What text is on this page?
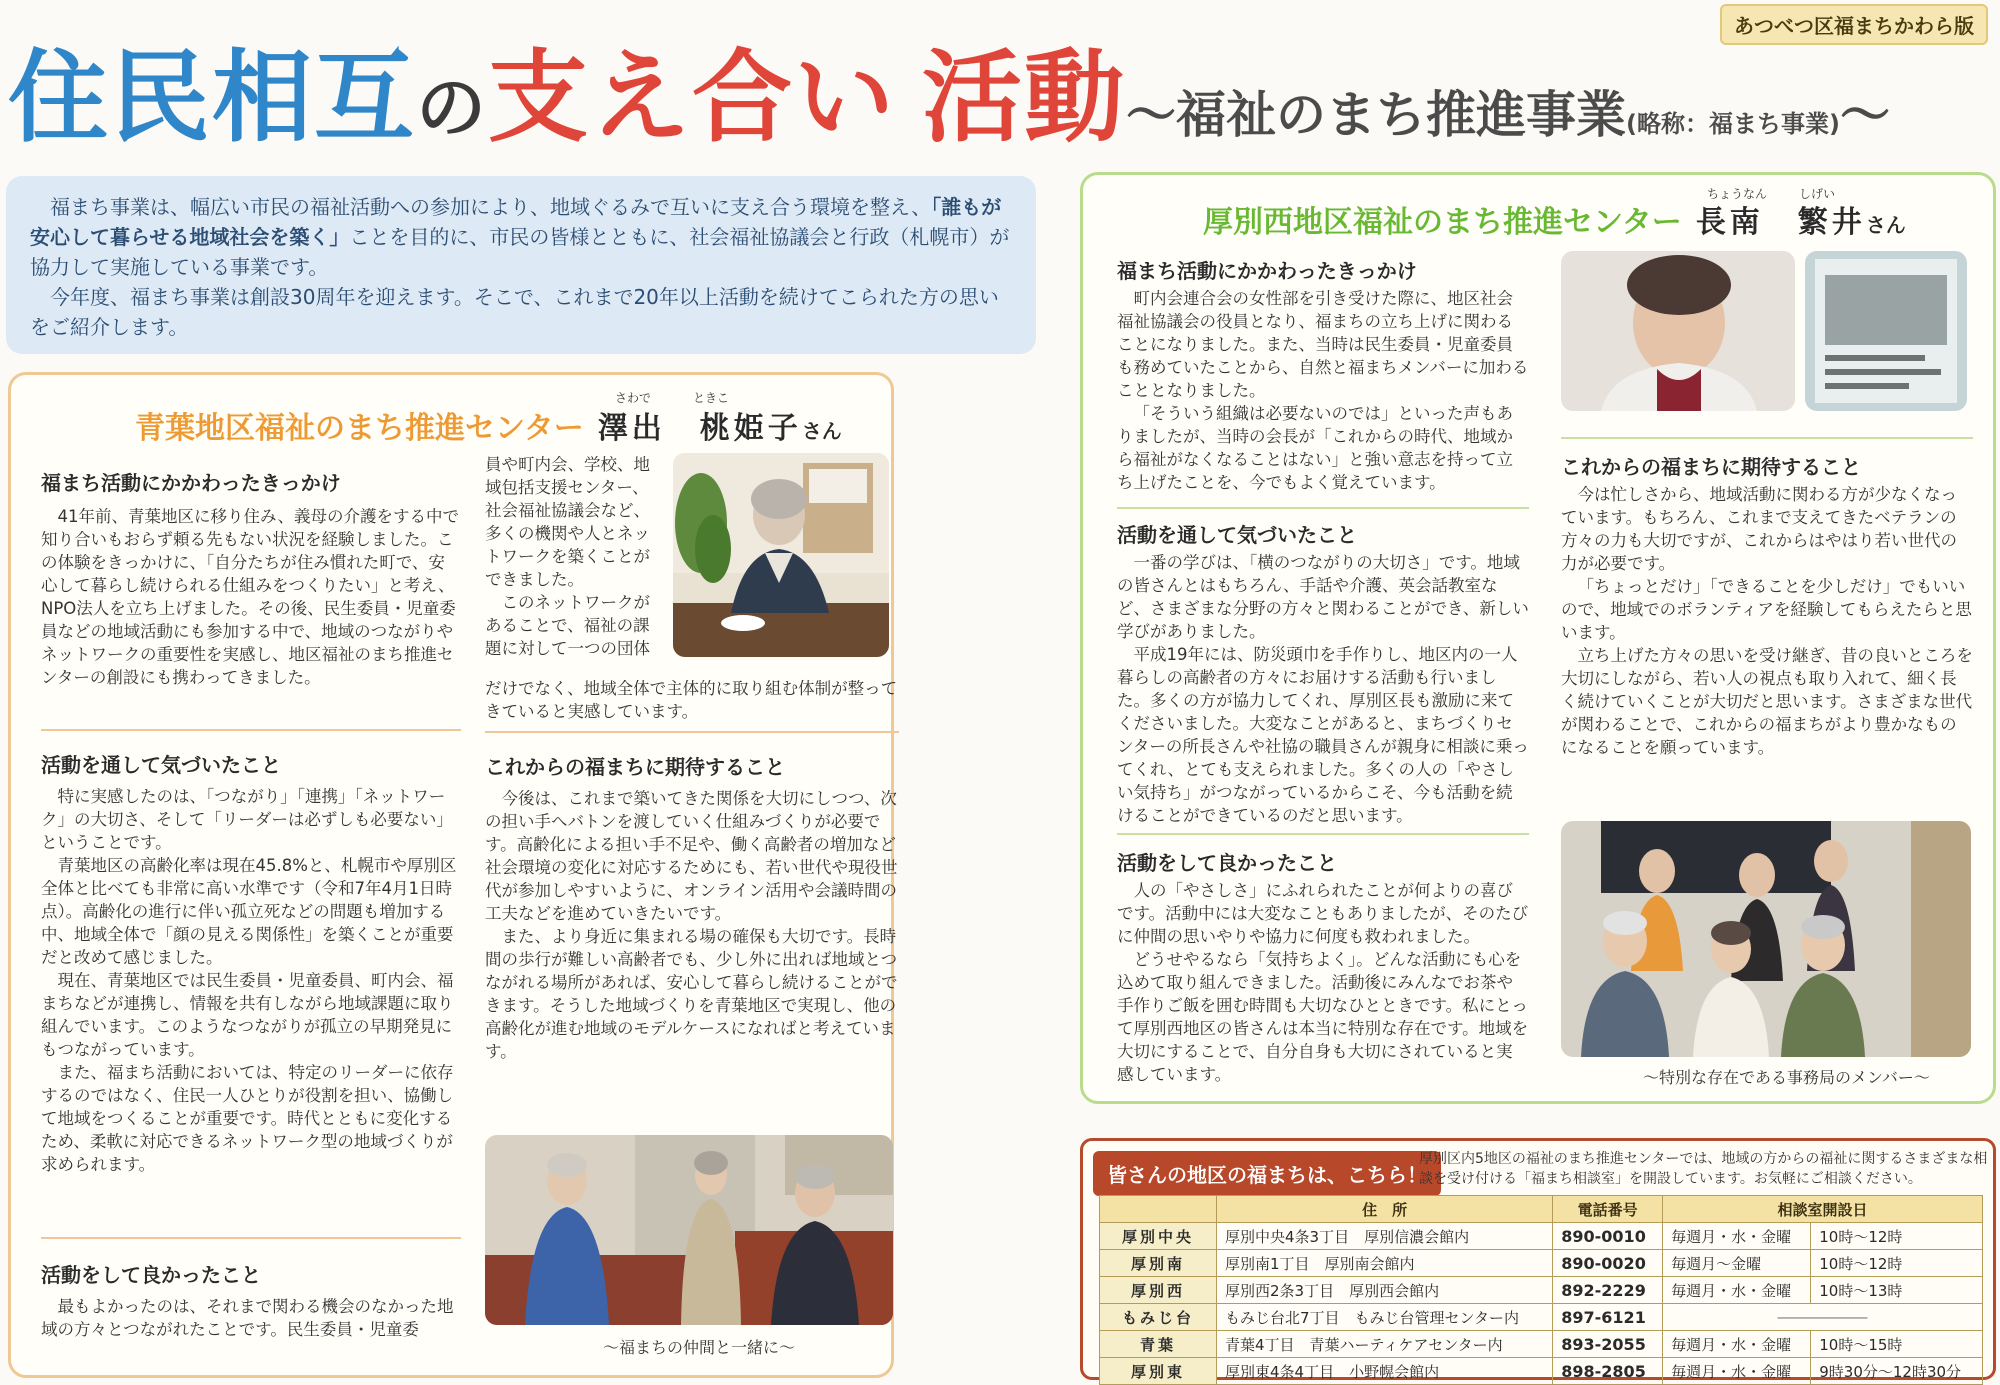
あつべつ区福まちかわら版
住民相互の支え合い 活動〜福祉のまち推進事業(略称：福まち事業)〜

福まち事業は、幅広い市民の福祉活動への参加により、地域ぐるみで互いに支え合う環境を整え、「誰もが安心して暮らせる地域社会を築く」ことを目的に、市民の皆様とともに、社会福祉協議会と行政（札幌市）が協力して実施している事業です。

今年度、福まち事業は創設30周年を迎えます。そこで、これまで20年以上活動を続けてこられた方の思いをご紹介します。

さわで	ときこ
青葉地区福祉のまち推進センター 澤出　桃姫子さん
福まち活動にかかわったきっかけ

41年前、青葉地区に移り住み、義母の介護をする中で知り合いもおらず頼る先もない状況を経験しました。この体験をきっかけに、「自分たちが住み慣れた町で、安心して暮らし続けられる仕組みをつくりたい」と考え、NPO法人を立ち上げました。その後、民生委員・児童委員などの地域活動にも参加する中で、地域のつながりやネットワークの重要性を実感し、地区福祉のまち推進センターの創設にも携わってきました。

活動を通して気づいたこと

特に実感したのは、「つながり」「連携」「ネットワーク」の大切さ、そして「リーダーは必ずしも必要ない」ということです。

青葉地区の高齢化率は現在45.8%と、札幌市や厚別区全体と比べても非常に高い水準です（令和7年4月1日時点）。高齢化の進行に伴い孤立死などの問題も増加する中、地域全体で「顔の見える関係性」を築くことが重要だと改めて感じました。

現在、青葉地区では民生委員・児童委員、町内会、福まちなどが連携し、情報を共有しながら地域課題に取り組んでいます。このようなつながりが孤立の早期発見にもつながっています。

また、福まち活動においては、特定のリーダーに依存するのではなく、住民一人ひとりが役割を担い、協働して地域をつくることが重要です。時代とともに変化するため、柔軟に対応できるネットワーク型の地域づくりが求められます。

活動をして良かったこと

最もよかったのは、それまで関わる機会のなかった地域の方々とつながれたことです。民生委員・児童委

員や町内会、学校、地域包括支援センター、社会福祉協議会など、多くの機関や人とネットワークを築くことができました。

このネットワークがあることで、福祉の課題に対して一つの団体

だけでなく、地域全体で主体的に取り組む体制が整ってきていると実感しています。
これからの福まちに期待すること

今後は、これまで築いてきた関係を大切にしつつ、次の担い手へバトンを渡していく仕組みづくりが必要です。高齢化による担い手不足や、働く高齢者の増加など社会環境の変化に対応するためにも、若い世代や現役世代が参加しやすいように、オンライン活用や会議時間の工夫などを進めていきたいです。

また、より身近に集まれる場の確保も大切です。長時間の歩行が難しい高齢者でも、少し外に出れば地域とつながれる場所があれば、安心して暮らし続けることができます。そうした地域づくりを青葉地区で実現し、他の高齢化が進む地域のモデルケースになればと考えています。

〜福まちの仲間と一緒に〜
ちょうなん	しげい
厚別西地区福祉のまち推進センター 長南　繁井さん
福まち活動にかかわったきっかけ

町内会連合会の女性部を引き受けた際に、地区社会福祉協議会の役員となり、福まちの立ち上げに関わることになりました。また、当時は民生委員・児童委員も務めていたことから、自然と福まちメンバーに加わることとなりました。

「そういう組織は必要ないのでは」といった声もありましたが、当時の会長が「これからの時代、地域から福祉がなくなることはない」と強い意志を持って立ち上げたことを、今でもよく覚えています。

活動を通して気づいたこと

一番の学びは、「横のつながりの大切さ」です。地域の皆さんとはもちろん、手話や介護、英会話教室など、さまざまな分野の方々と関わることができ、新しい学びがありました。

平成19年には、防災頭巾を手作りし、地区内の一人暮らしの高齢者の方々にお届けする活動も行いました。多くの方が協力してくれ、厚別区長も激励に来てくださいました。大変なことがあると、まちづくりセンターの所長さんや社協の職員さんが親身に相談に乗ってくれ、とても支えられました。多くの人の「やさしい気持ち」がつながっているからこそ、今も活動を続けることができているのだと思います。

活動をして良かったこと

人の「やさしさ」にふれられたことが何よりの喜びです。活動中には大変なこともありましたが、そのたびに仲間の思いやりや協力に何度も救われました。

どうせやるなら「気持ちよく」。どんな活動にも心を込めて取り組んできました。活動後にみんなでお茶や手作りご飯を囲む時間も大切なひとときです。私にとって厚別西地区の皆さんは本当に特別な存在です。地域を大切にすることで、自分自身も大切にされていると実感しています。

これからの福まちに期待すること

今は忙しさから、地域活動に関わる方が少なくなっています。もちろん、これまで支えてきたベテランの方々の力も大切ですが、これからはやはり若い世代の力が必要です。

「ちょっとだけ」「できることを少しだけ」でもいいので、地域でのボランティアを経験してもらえたらと思います。

立ち上げた方々の思いを受け継ぎ、昔の良いところを大切にしながら、若い人の視点も取り入れて、細く長く続けていくことが大切だと思います。さまざまな世代が関わることで、これからの福まちがより豊かなものになることを願っています。

〜特別な存在である事務局のメンバー〜
皆さんの地区の福まちは、こちら！
厚別区内5地区の福祉のまち推進センターでは、地域の方からの福祉に関するさまざまな相談を受け付ける「福まち相談室」を開設しています。お気軽にご相談ください。
	住　所	電話番号	相談室開設日	
厚別中央	厚別中央4条3丁目　厚別信濃会館内	890-0010	毎週月・水・金曜	10時〜12時
厚別南	厚別南1丁目　厚別南会館内	890-0020	毎週月〜金曜	10時〜12時
厚別西	厚別西2条3丁目　厚別西会館内	892-2229	毎週月・水・金曜	10時〜13時
もみじ台	もみじ台北7丁目　もみじ台管理センター内	897-6121	――――――	
青葉	青葉4丁目　青葉ハーティケアセンター内	893-2055	毎週月・水・金曜	10時〜15時
厚別東	厚別東4条4丁目　小野幌会館内	898-2805	毎週月・水・金曜	9時30分〜12時30分
